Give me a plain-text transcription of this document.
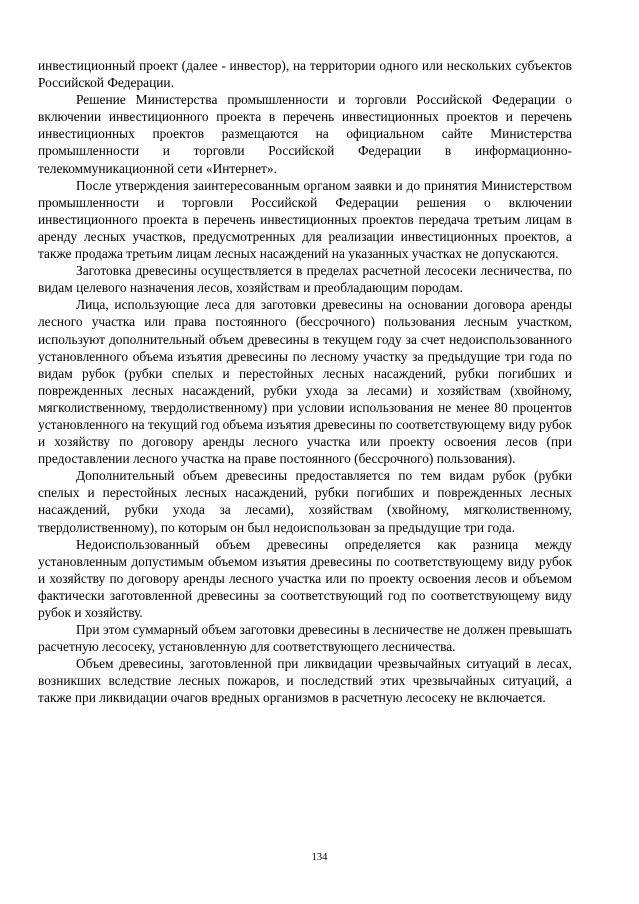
инвестиционный проект (далее - инвестор), на территории одного или нескольких субъектов Российской Федерации.

Решение Министерства промышленности и торговли Российской Федерации о включении инвестиционного проекта в перечень инвестиционных проектов и перечень инвестиционных проектов размещаются на официальном сайте Министерства промышленности и торговли Российской Федерации в информационно-телекоммуникационной сети «Интернет».

После утверждения заинтересованным органом заявки и до принятия Министерством промышленности и торговли Российской Федерации решения о включении инвестиционного проекта в перечень инвестиционных проектов передача третьим лицам в аренду лесных участков, предусмотренных для реализации инвестиционных проектов, а также продажа третьим лицам лесных насаждений на указанных участках не допускаются.

Заготовка древесины осуществляется в пределах расчетной лесосеки лесничества, по видам целевого назначения лесов, хозяйствам и преобладающим породам.

Лица, использующие леса для заготовки древесины на основании договора аренды лесного участка или права постоянного (бессрочного) пользования лесным участком, используют дополнительный объем древесины в текущем году за счет недоиспользованного установленного объема изъятия древесины по лесному участку за предыдущие три года по видам рубок (рубки спелых и перестойных лесных насаждений, рубки погибших и поврежденных лесных насаждений, рубки ухода за лесами) и хозяйствам (хвойному, мягколиственному, твердолиственному) при условии использования не менее 80 процентов установленного на текущий год объема изъятия древесины по соответствующему виду рубок и хозяйству по договору аренды лесного участка или проекту освоения лесов (при предоставлении лесного участка на праве постоянного (бессрочного) пользования).

Дополнительный объем древесины предоставляется по тем видам рубок (рубки спелых и перестойных лесных насаждений, рубки погибших и поврежденных лесных насаждений, рубки ухода за лесами), хозяйствам (хвойному, мягколиственному, твердолиственному), по которым он был недоиспользован за предыдущие три года.

Недоиспользованный объем древесины определяется как разница между установленным допустимым объемом изъятия древесины по соответствующему виду рубок и хозяйству по договору аренды лесного участка или по проекту освоения лесов и объемом фактически заготовленной древесины за соответствующий год по соответствующему виду рубок и хозяйству.

При этом суммарный объем заготовки древесины в лесничестве не должен превышать расчетную лесосеку, установленную для соответствующего лесничества.

Объем древесины, заготовленной при ликвидации чрезвычайных ситуаций в лесах, возникших вследствие лесных пожаров, и последствий этих чрезвычайных ситуаций, а также при ликвидации очагов вредных организмов в расчетную лесосеку не включается.

134
